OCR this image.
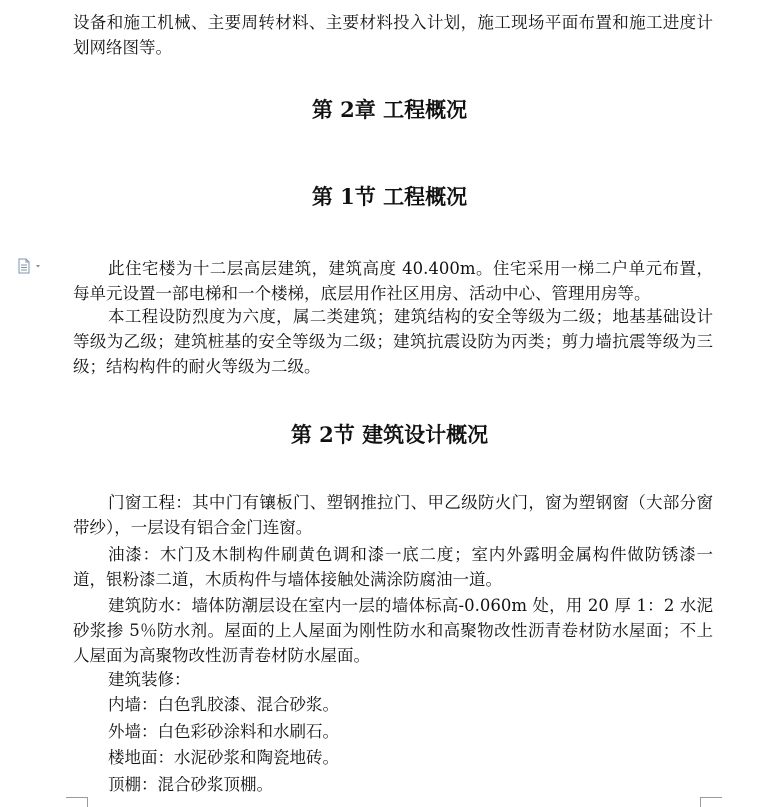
设备和施工机械、主要周转材料、主要材料投入计划，施工现场平面布置和施工进度计划网络图等。

第 2章 工程概况
第 1节 工程概况

此住宅楼为十二层高层建筑，建筑高度 40.400m。住宅采用一梯二户单元布置，每单元设置一部电梯和一个楼梯，底层用作社区用房、活动中心、管理用房等。

本工程设防烈度为六度，属二类建筑；建筑结构的安全等级为二级；地基基础设计等级为乙级；建筑桩基的安全等级为二级；建筑抗震设防为丙类；剪力墙抗震等级为三级；结构构件的耐火等级为二级。

第 2节 建筑设计概况

门窗工程：其中门有镶板门、塑钢推拉门、甲乙级防火门，窗为塑钢窗（大部分窗带纱），一层设有铝合金门连窗。

油漆：木门及木制构件刷黄色调和漆一底二度；室内外露明金属构件做防锈漆一道，银粉漆二道，木质构件与墙体接触处满涂防腐油一道。

建筑防水：墙体防潮层设在室内一层的墙体标高-0.060m 处，用 20 厚 1：2 水泥砂浆掺 5％防水剂。屋面的上人屋面为刚性防水和高聚物改性沥青卷材防水屋面；不上人屋面为高聚物改性沥青卷材防水屋面。

建筑装修：

内墙：白色乳胶漆、混合砂浆。

外墙：白色彩砂涂料和水刷石。

楼地面：水泥砂浆和陶瓷地砖。

顶棚：混合砂浆顶棚。
